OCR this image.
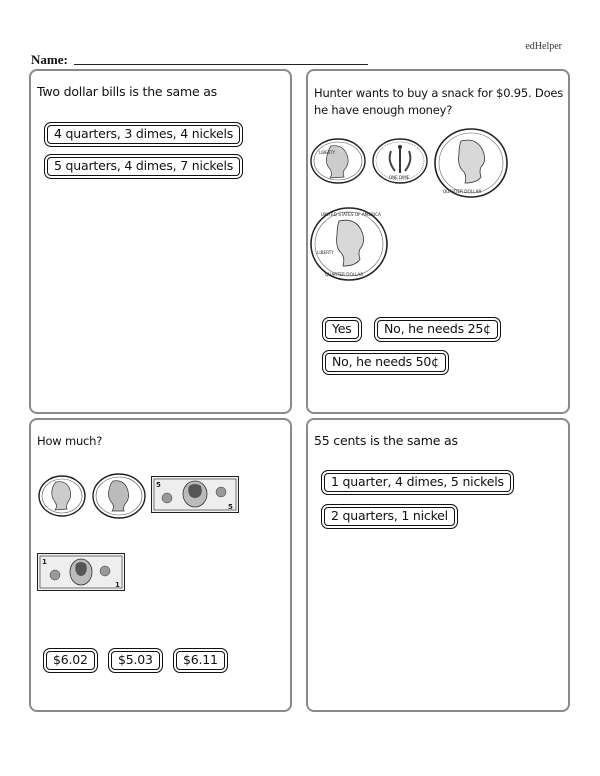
edHelper
Name:
Two dollar bills is the same as
4 quarters, 3 dimes, 4 nickels
5 quarters, 4 dimes, 7 nickels
Hunter wants to buy a snack for $0.95. Does he have enough money?
LIBERTY
ONE DIME
QUARTER DOLLAR
UNITED STATES OF AMERICA
LIBERTY
QUARTER DOLLAR
Yes	No, he needs 25¢
No, he needs 50¢
How much?
5
5
1
1
$6.02	$5.03	$6.11
55 cents is the same as
1 quarter, 4 dimes, 5 nickels
2 quarters, 1 nickel
